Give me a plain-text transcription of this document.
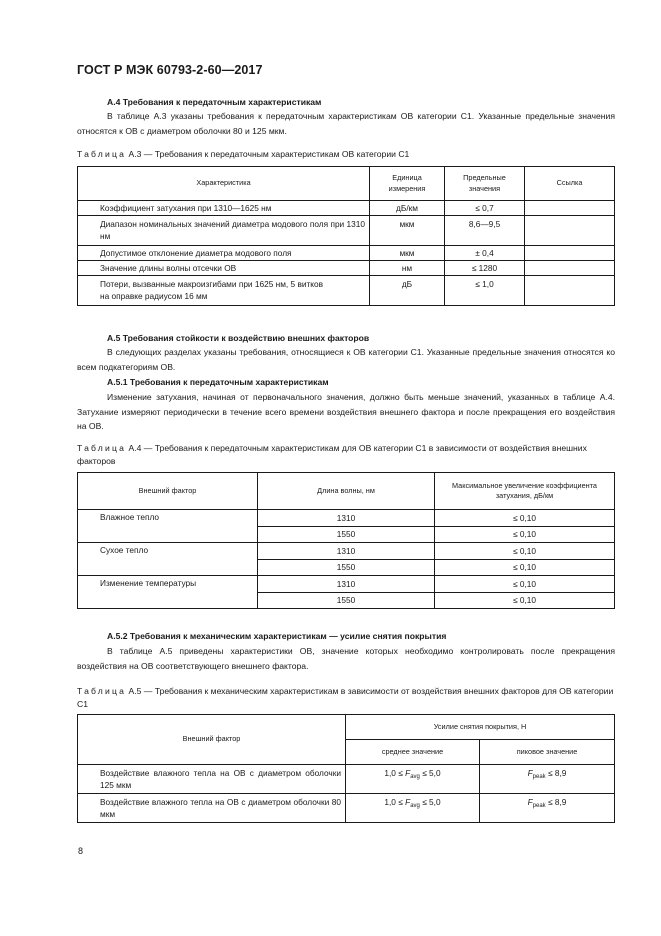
ГОСТ Р МЭК 60793-2-60—2017
А.4 Требования к передаточным характеристикам
В таблице А.3 указаны требования к передаточным характеристикам ОВ категории С1. Указанные предельные значения относятся к ОВ с диаметром оболочки 80 и 125 мкм.
Таблица А.3 — Требования к передаточным характеристикам ОВ категории С1
Характеристика	Единица измерения	Предельные значения	Ссылка
Коэффициент затухания при 1310—1625 нм	дБ/км	≤ 0,7	
Диапазон номинальных значений диаметра модового поля при 1310 нм	мкм	8,6—9,5	
Допустимое отклонение диаметра модового поля	мкм	± 0,4	
Значение длины волны отсечки ОВ	нм	≤ 1280	
Потери, вызванные макроизгибами при 1625 нм, 5 витков на оправке радиусом 16 мм	дБ	≤ 1,0	
А.5 Требования стойкости к воздействию внешних факторов
В следующих разделах указаны требования, относящиеся к ОВ категории С1. Указанные предельные значения относятся ко всем подкатегориям ОВ.
А.5.1 Требования к передаточным характеристикам
Изменение затухания, начиная от первоначального значения, должно быть меньше значений, указанных в таблице А.4. Затухание измеряют периодически в течение всего времени воздействия внешнего фактора и после прекращения его воздействия на ОВ.
Таблица А.4 — Требования к передаточным характеристикам для ОВ категории С1 в зависимости от воздействия внешних факторов
Внешний фактор	Длина волны, нм	Максимальное увеличение коэффициента затухания, дБ/км
Влажное тепло	1310	≤ 0,10
	1550	≤ 0,10
Сухое тепло	1310	≤ 0,10
	1550	≤ 0,10
Изменение температуры	1310	≤ 0,10
	1550	≤ 0,10
А.5.2 Требования к механическим характеристикам — усилие снятия покрытия
В таблице А.5 приведены характеристики ОВ, значение которых необходимо контролировать после прекращения воздействия на ОВ соответствующего внешнего фактора.
Таблица А.5 — Требования к механическим характеристикам в зависимости от воздействия внешних факторов для ОВ категории С1
Внешний фактор	Усилие снятия покрытия, Н	
	среднее значение	пиковое значение
Воздействие влажного тепла на ОВ с диаметром оболочки 125 мкм	$1,0 \le F_{avg} \le 5,0$	$F_{peak} \le 8,9$
Воздействие влажного тепла на ОВ с диаметром оболочки 80 мкм	$1,0 \le F_{avg} \le 5,0$	$F_{peak} \le 8,9$
8
